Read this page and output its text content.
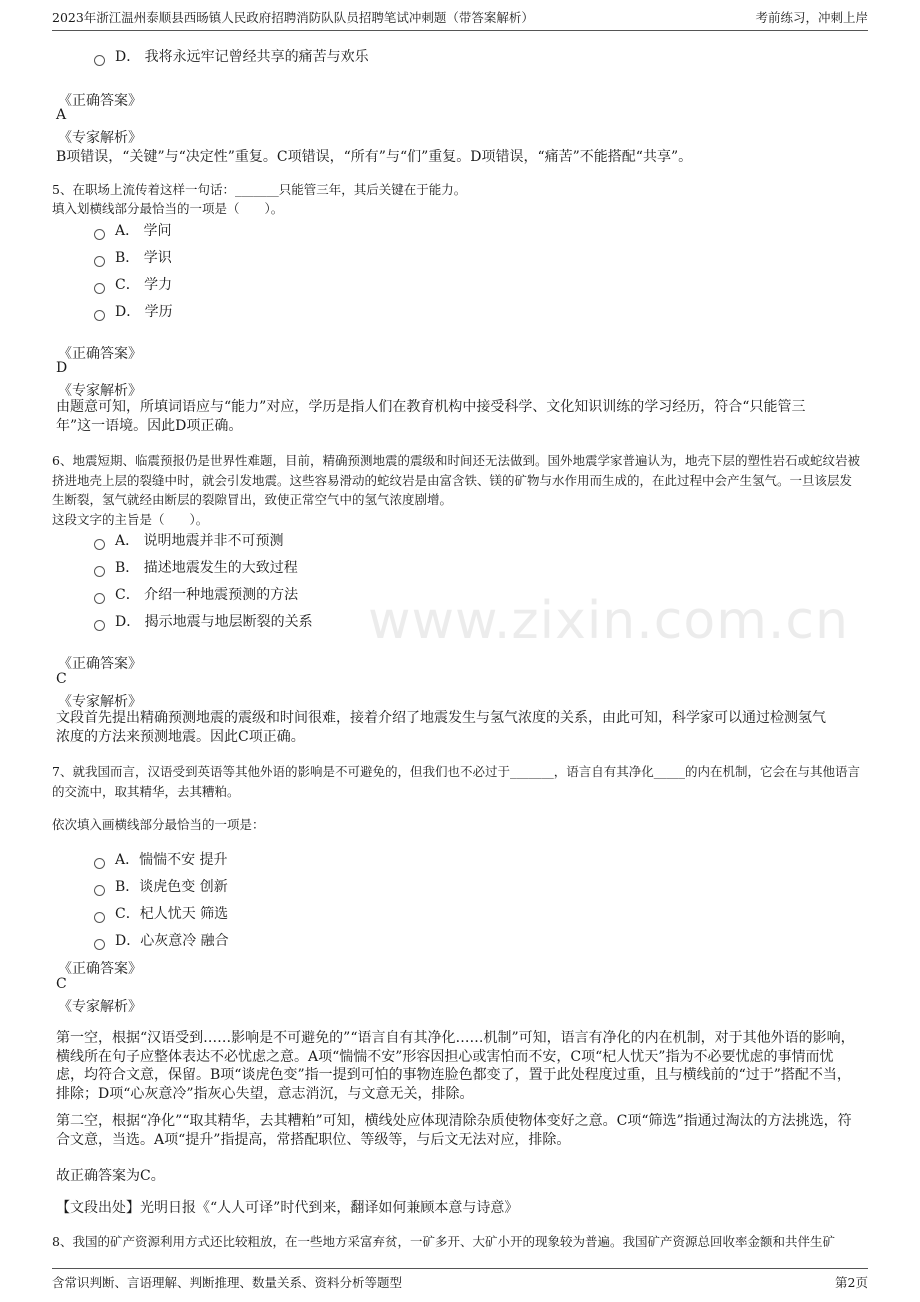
2023年浙江温州泰顺县西旸镇人民政府招聘消防队队员招聘笔试冲刺题（带答案解析）	考前练习，冲刺上岸
www.zixin.com.cn
D． 我将永远牢记曾经共享的痛苦与欢乐
《正确答案》
A
《专家解析》
B项错误，“关键”与“决定性”重复。C项错误，“所有”与“们”重复。D项错误，“痛苦”不能搭配“共享”。
5、在职场上流传着这样一句话：_______只能管三年，其后关键在于能力。
填入划横线部分最恰当的一项是（　　）。
A． 学问
B． 学识
C． 学力
D． 学历
《正确答案》
D
《专家解析》
由题意可知，所填词语应与“能力”对应，学历是指人们在教育机构中接受科学、文化知识训练的学习经历，符合“只能管三年”这一语境。因此D项正确。
6、地震短期、临震预报仍是世界性难题，目前，精确预测地震的震级和时间还无法做到。国外地震学家普遍认为，地壳下层的塑性岩石或蛇纹岩被挤进地壳上层的裂缝中时，就会引发地震。这些容易滑动的蛇纹岩是由富含铁、镁的矿物与水作用而生成的，在此过程中会产生氢气。一旦该层发生断裂，氢气就经由断层的裂隙冒出，致使正常空气中的氢气浓度剧增。
这段文字的主旨是（　　）。
A． 说明地震并非不可预测
B． 描述地震发生的大致过程
C． 介绍一种地震预测的方法
D． 揭示地震与地层断裂的关系
《正确答案》
C
《专家解析》
文段首先提出精确预测地震的震级和时间很难，接着介绍了地震发生与氢气浓度的关系，由此可知，科学家可以通过检测氢气浓度的方法来预测地震。因此C项正确。
7、就我国而言，汉语受到英语等其他外语的影响是不可避免的，但我们也不必过于_______，语言自有其净化_____的内在机制，它会在与其他语言的交流中，取其精华，去其糟粕。
依次填入画横线部分最恰当的一项是：
A．惴惴不安 提升
B．谈虎色变 创新
C．杞人忧天 筛选
D．心灰意冷 融合
《正确答案》
C
《专家解析》
第一空，根据“汉语受到……影响是不可避免的”“语言自有其净化……机制”可知，语言有净化的内在机制，对于其他外语的影响，横线所在句子应整体表达不必忧虑之意。A项“惴惴不安”形容因担心或害怕而不安，C项“杞人忧天”指为不必要忧虑的事情而忧虑，均符合文意，保留。B项“谈虎色变”指一提到可怕的事物连脸色都变了，置于此处程度过重，且与横线前的“过于”搭配不当，排除；D项“心灰意冷”指灰心失望，意志消沉，与文意无关，排除。
第二空，根据“净化”“取其精华，去其糟粕”可知，横线处应体现清除杂质使物体变好之意。C项“筛选”指通过淘汰的方法挑选，符合文意，当选。A项“提升”指提高，常搭配职位、等级等，与后文无法对应，排除。
故正确答案为C。
【文段出处】光明日报《“人人可译”时代到来，翻译如何兼顾本意与诗意》
8、我国的矿产资源利用方式还比较粗放，在一些地方采富弃贫，一矿多开、大矿小开的现象较为普遍。我国矿产资源总回收率金额和共伴生矿
含常识判断、言语理解、判断推理、数量关系、资料分析等题型	第2页
